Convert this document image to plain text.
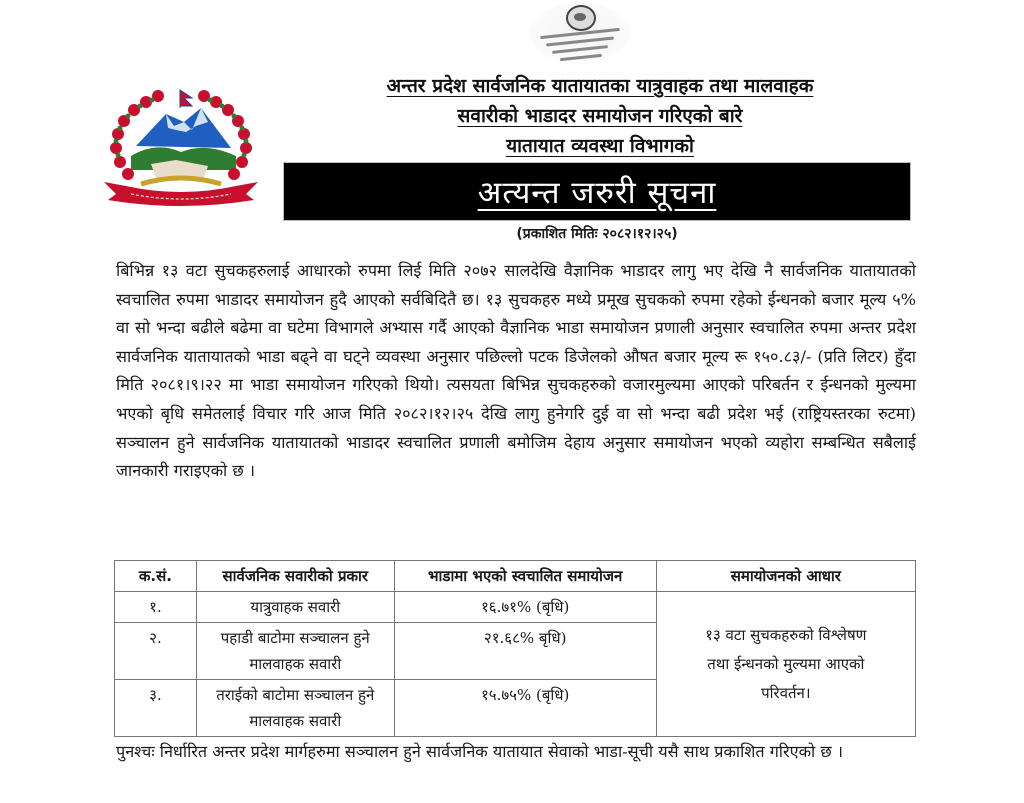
अन्तर प्रदेश सार्वजनिक यातायातका यात्रुवाहक तथा मालवाहक
सवारीको भाडादर समायोजन गरिएको बारे
यातायात व्यवस्था विभागको
अत्यन्त जरुरी सूचना
(प्रकाशित मितिः २०८२।१२।२५)
बिभिन्न १३ वटा सुचकहरुलाई आधारको रुपमा लिई मिति २०७२ सालदेखि वैज्ञानिक भाडादर लागु भए देखि नै सार्वजनिक यातायातको स्वचालित रुपमा भाडादर समायोजन हुदै आएको सर्वबिदितै छ। १३ सुचकहरु मध्ये प्रमूख सुचकको रुपमा रहेको ईन्धनको बजार मूल्य ५% वा सो भन्दा बढीले बढेमा वा घटेमा विभागले अभ्यास गर्दै आएको वैज्ञानिक भाडा समायोजन प्रणाली अनुसार स्वचालित रुपमा अन्तर प्रदेश सार्वजनिक यातायातको भाडा बढ्ने वा घट्ने व्यवस्था अनुसार पछिल्लो पटक डिजेलको औषत बजार मूल्य रू १५०.८३/- (प्रति लिटर) हुँदा मिति २०८१।९।२२ मा भाडा समायोजन गरिएको थियो। त्यसयता बिभिन्न सुचकहरुको वजारमुल्यमा आएको परिबर्तन र ईन्धनको मुल्यमा भएको बृधि समेतलाई विचार गरि आज मिति २०८२।१२।२५ देखि लागु हुनेगरि दुई वा सो भन्दा बढी प्रदेश भई (राष्ट्रियस्तरका रुटमा) सञ्चालन हुने सार्वजनिक यातायातको भाडादर स्वचालित प्रणाली बमोजिम देहाय अनुसार समायोजन भएको व्यहोरा सम्बन्धित सबैलाई जानकारी गराइएको छ ।
क.सं.	सार्वजनिक सवारीको प्रकार	भाडामा भएको स्वचालित समायोजन	समायोजनको आधार
१.	यात्रुवाहक सवारी	१६.७१% (बृधि)	१३ वटा सुचकहरुको विश्लेषण तथा ईन्धनको मुल्यमा आएको परिवर्तन।

२.	पहाडी बाटोमा सञ्चालन हुने मालवाहक सवारी	२१.६८% बृधि)	
३.	तराईको बाटोमा सञ्चालन हुने मालवाहक सवारी	१५.७५% (बृधि)	
पुनश्चः निर्धारित अन्तर प्रदेश मार्गहरुमा सञ्चालन हुने सार्वजनिक यातायात सेवाको भाडा-सूची यसै साथ प्रकाशित गरिएको छ ।
